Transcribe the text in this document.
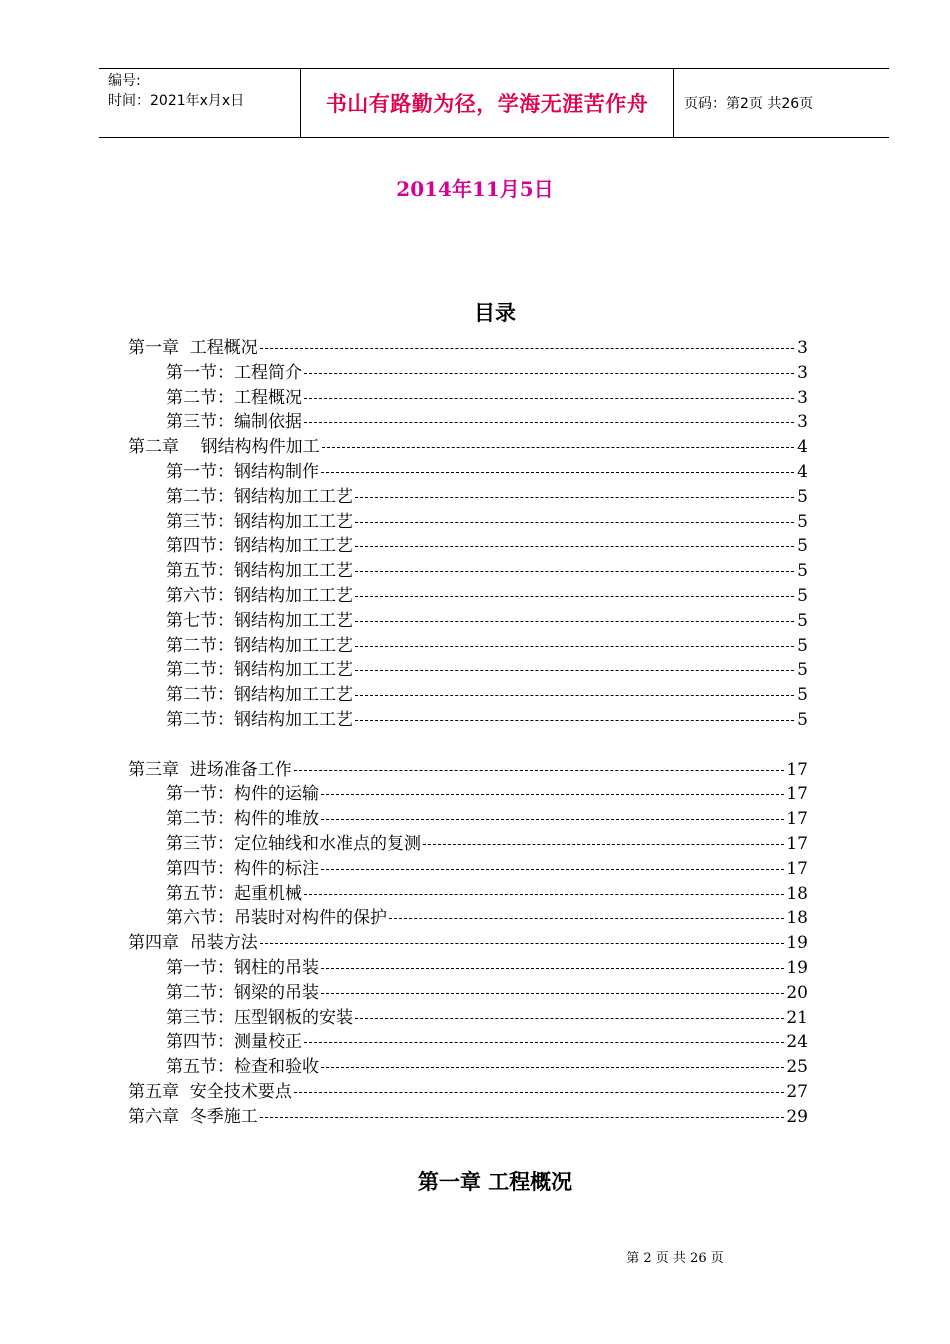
编号:
时间：2021年x月x日	书山有路勤为径，学海无涯苦作舟	页码：第2页 共26页
2014年11月5日
目录
第一章  工程概况	3
第一节：工程简介	3
第二节：工程概况	3
第三节：编制依据	3
第二章    钢结构构件加工	4
第一节：钢结构制作	4
第二节：钢结构加工工艺	5
第三节：钢结构加工工艺	5
第四节：钢结构加工工艺	5
第五节：钢结构加工工艺	5
第六节：钢结构加工工艺	5
第七节：钢结构加工工艺	5
第二节：钢结构加工工艺	5
第二节：钢结构加工工艺	5
第二节：钢结构加工工艺	5
第二节：钢结构加工工艺	5
第三章  进场准备工作	17
第一节：构件的运输	17
第二节：构件的堆放	17
第三节：定位轴线和水准点的复测	17
第四节：构件的标注	17
第五节：起重机械	18
第六节：吊装时对构件的保护	18
第四章  吊装方法	19
第一节：钢柱的吊装	19
第二节：钢梁的吊装	20
第三节：压型钢板的安装	21
第四节：测量校正	24
第五节：检查和验收	25
第五章  安全技术要点	27
第六章  冬季施工	29
第一章 工程概况
第 2 页 共 26 页
